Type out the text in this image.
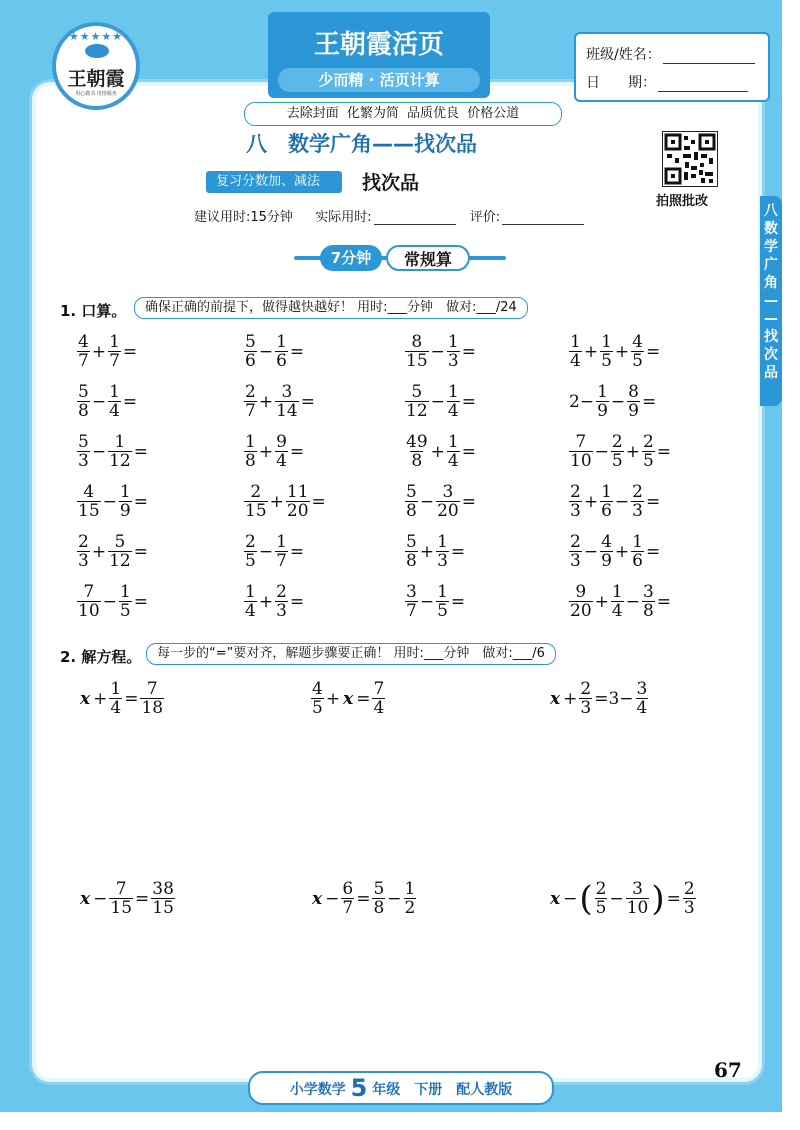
★★★★★
王朝霞
用心做书 用情服务
王朝霞活页
少而精 · 活页计算
班级/姓名：
日　　期：
去除封面 化繁为简 品质优良 价格公道
八　数学广角——找次品
拍照批改
复习分数加、减法	找次品
建议用时:15分钟 实际用时:	评价:
7分钟	常规算
八
数
学
广
角
—
—
找
次
品
1. 口算。	确保正确的前提下，做得越快越好！ 用时:___分钟　做对:___/24
$\frac{4}{7} + \frac{1}{7}$ =	$\frac{5}{6} - \frac{1}{6}$ =	$\frac{8}{15} - \frac{1}{3}$ =	$\frac{1}{4} + \frac{1}{5} + \frac{4}{5}$ =
$\frac{5}{8} - \frac{1}{4}$ =	$\frac{2}{7} + \frac{3}{14}$ =	$\frac{5}{12} - \frac{1}{4}$ =	$2- \frac{1}{9} - \frac{8}{9}$ =
$\frac{5}{3} - \frac{1}{12}$ =	$\frac{1}{8} + \frac{9}{4}$ =	$\frac{49}{8} + \frac{1}{4}$ =	$\frac{7}{10} - \frac{2}{5} + \frac{2}{5}$ =
$\frac{4}{15} - \frac{1}{9}$ =	$\frac{2}{15} + \frac{11}{20}$ =	$\frac{5}{8} - \frac{3}{20}$ =	$\frac{2}{3} + \frac{1}{6} - \frac{2}{3}$ =
$\frac{2}{3} + \frac{5}{12}$ =	$\frac{2}{5} - \frac{1}{7}$ =	$\frac{5}{8} + \frac{1}{3}$ =	$\frac{2}{3} - \frac{4}{9} + \frac{1}{6}$ =
$\frac{7}{10} - \frac{1}{5}$ =	$\frac{1}{4} + \frac{2}{3}$ =	$\frac{3}{7} - \frac{1}{5}$ =	$\frac{9}{20} + \frac{1}{4} - \frac{3}{8}$ =
2. 解方程。	每一步的“=”要对齐，解题步骤要正确！ 用时:___分钟　做对:___/6
$x + \frac{1}{4} = \frac{7}{18}$	$\frac{4}{5} + x = \frac{7}{4}$	$x + \frac{2}{3} =3- \frac{3}{4}$
$x - \frac{7}{15} = \frac{38}{15}$	$x - \frac{6}{7} = \frac{5}{8} - \frac{1}{2}$	x − ( $\frac{2}{5} - \frac{3}{10}$ ) = $\frac{2}{3}$
67
小学数学 5 年级　下册　配人教版
